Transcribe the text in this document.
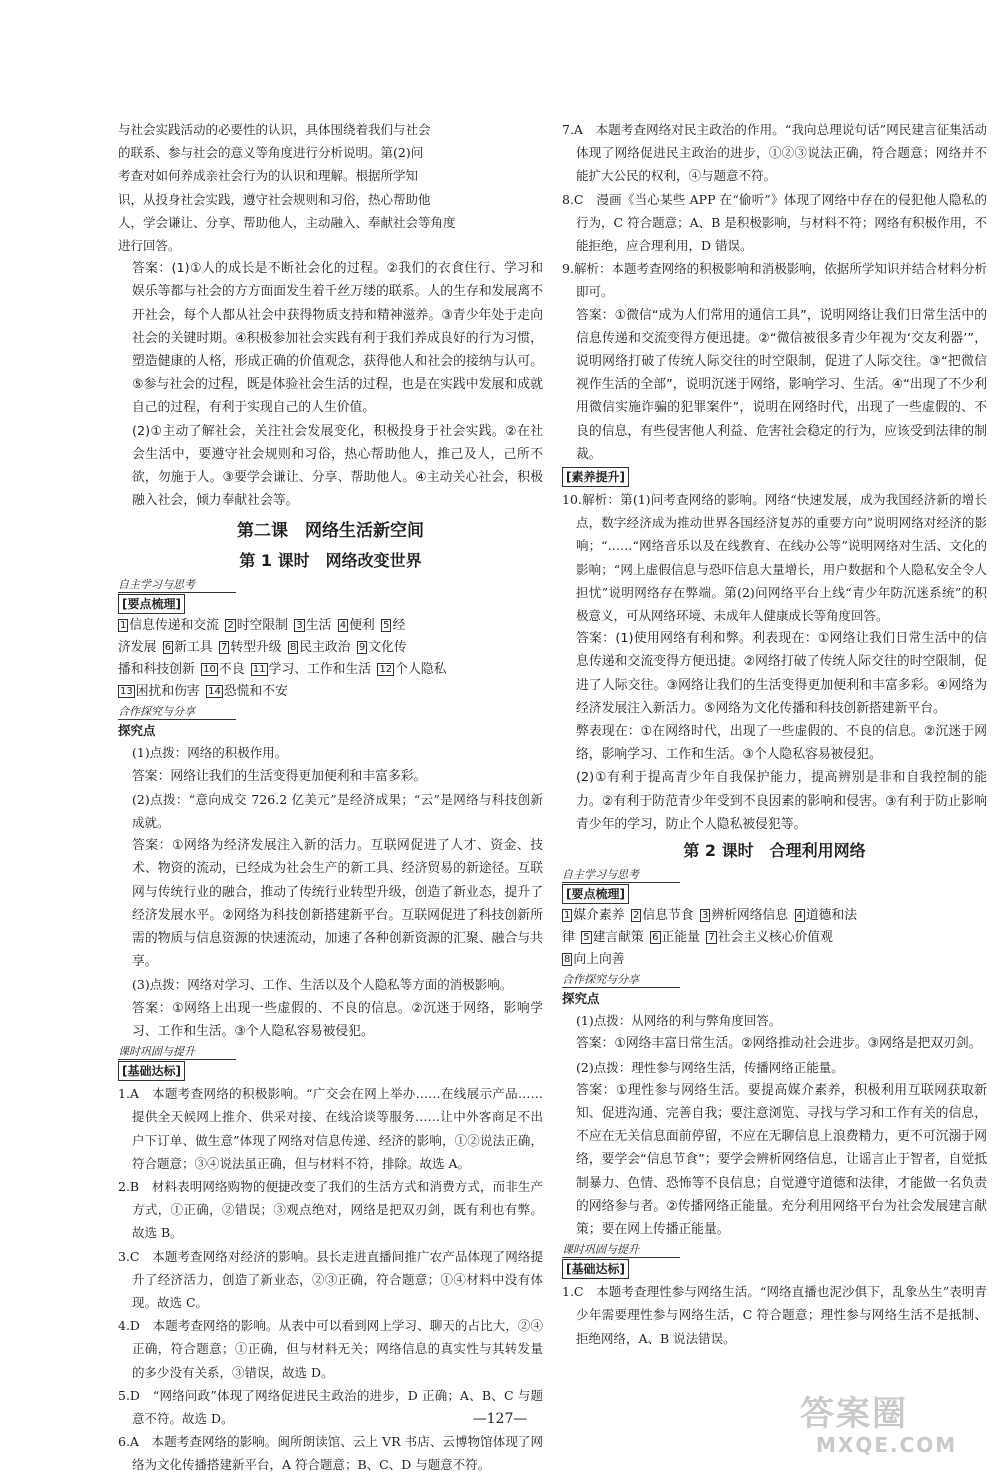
与社会实践活动的必要性的认识，具体围绕着我们与社会

的联系、参与社会的意义等角度进行分析说明。第(2)问

考查对如何养成亲社会行为的认识和理解。根据所学知

识，从投身社会实践，遵守社会规则和习俗，热心帮助他

人，学会谦让、分享、帮助他人，主动融入、奉献社会等角度

进行回答。

答案：(1)①人的成长是不断社会化的过程。②我们的衣食住行、学习和娱乐等都与社会的方方面面发生着千丝万缕的联系。人的生存和发展离不开社会，每个人都从社会中获得物质支持和精神滋养。③青少年处于走向社会的关键时期。④积极参加社会实践有利于我们养成良好的行为习惯，塑造健康的人格，形成正确的价值观念，获得他人和社会的接纳与认可。⑤参与社会的过程，既是体验社会生活的过程，也是在实践中发展和成就自己的过程，有利于实现自己的人生价值。

(2)①主动了解社会，关注社会发展变化，积极投身于社会实践。②在社会生活中，要遵守社会规则和习俗，热心帮助他人，推己及人，己所不欲，勿施于人。③要学会谦让、分享、帮助他人。④主动关心社会，积极融入社会，倾力奉献社会等。

第二课　网络生活新空间
第 1 课时　网络改变世界
自主学习与思考
[要点梳理]
1 信息传递和交流  2 时空限制  3 生活  4 便利  5 经
济发展  6 新工具  7 转型升级  8 民主政治  9 文化传
播和科技创新  10 不良  11 学习、工作和生活  12 个人隐私
13 困扰和伤害  14 恐慌和不安
合作探究与分享
探究点

(1)点拨：网络的积极作用。

答案：网络让我们的生活变得更加便利和丰富多彩。

(2)点拨：“意向成交 726.2 亿美元”是经济成果；“云”是网络与科技创新成就。

答案：①网络为经济发展注入新的活力。互联网促进了人才、资金、技术、物资的流动，已经成为社会生产的新工具、经济贸易的新途径。互联网与传统行业的融合，推动了传统行业转型升级，创造了新业态，提升了经济发展水平。②网络为科技创新搭建新平台。互联网促进了科技创新所需的物质与信息资源的快速流动，加速了各种创新资源的汇聚、融合与共享。

(3)点拨：网络对学习、工作、生活以及个人隐私等方面的消极影响。

答案：①网络上出现一些虚假的、不良的信息。②沉迷于网络，影响学习、工作和生活。③个人隐私容易被侵犯。

课时巩固与提升
[基础达标]

1.A　本题考查网络的积极影响。“广交会在网上举办……在线展示产品……提供全天候网上推介、供采对接、在线洽谈等服务……让中外客商足不出户下订单、做生意”体现了网络对信息传递、经济的影响，①②说法正确，符合题意；③④说法虽正确，但与材料不符，排除。故选 A。

2.B　材料表明网络购物的便捷改变了我们的生活方式和消费方式，而非生产方式，①正确，②错误；③观点绝对，网络是把双刃剑，既有利也有弊。故选 B。

3.C　本题考查网络对经济的影响。县长走进直播间推广农产品体现了网络提升了经济活力，创造了新业态，②③正确，符合题意；①④材料中没有体现。故选 C。

4.D　本题考查网络的影响。从表中可以看到网上学习、聊天的占比大，②④正确，符合题意；①正确，但与材料无关；网络信息的真实性与其转发量的多少没有关系，③错误，故选 D。

5.D　“网络问政”体现了网络促进民主政治的进步，D 正确；A、B、C 与题意不符。故选 D。

6.A　本题考查网络的影响。闽所朗读馆、云上 VR 书店、云博物馆体现了网络为文化传播搭建新平台，A 符合题意；B、C、D 与题意不符。

7.A　本题考查网络对民主政治的作用。“我向总理说句话”网民建言征集活动体现了网络促进民主政治的进步，①②③说法正确，符合题意；网络并不能扩大公民的权利，④与题意不符。

8.C　漫画《当心某些 APP 在“偷听”》体现了网络中存在的侵犯他人隐私的行为，C 符合题意；A、B 是积极影响，与材料不符；网络有积极作用，不能拒绝，应合理利用，D 错误。

9.解析：本题考查网络的积极影响和消极影响，依据所学知识并结合材料分析即可。

答案：①微信“成为人们常用的通信工具”，说明网络让我们日常生活中的信息传递和交流变得方便迅捷。②“微信被很多青少年视为‘交友利器’”，说明网络打破了传统人际交往的时空限制，促进了人际交往。③“把微信视作生活的全部”，说明沉迷于网络，影响学习、生活。④“出现了不少利用微信实施诈骗的犯罪案件”，说明在网络时代，出现了一些虚假的、不良的信息，有些侵害他人利益、危害社会稳定的行为，应该受到法律的制裁。

[素养提升]

10.解析：第(1)问考查网络的影响。网络“快速发展，成为我国经济新的增长点，数字经济成为推动世界各国经济复苏的重要方向”说明网络对经济的影响；“……“网络音乐以及在线教育、在线办公等”说明网络对生活、文化的影响；“网上虚假信息与恐吓信息大量增长，用户数据和个人隐私安全令人担忧”说明网络存在弊端。第(2)问网络平台上线“青少年防沉迷系统”的积极意义，可从网络环境、未成年人健康成长等角度回答。

答案：(1)使用网络有利和弊。利表现在：①网络让我们日常生活中的信息传递和交流变得方便迅捷。②网络打破了传统人际交往的时空限制，促进了人际交往。③网络让我们的生活变得更加便利和丰富多彩。④网络为经济发展注入新活力。⑤网络为文化传播和科技创新搭建新平台。

弊表现在：①在网络时代，出现了一些虚假的、不良的信息。②沉迷于网络，影响学习、工作和生活。③个人隐私容易被侵犯。

(2)①有利于提高青少年自我保护能力，提高辨别是非和自我控制的能力。②有利于防范青少年受到不良因素的影响和侵害。③有利于防止影响青少年的学习，防止个人隐私被侵犯等。

第 2 课时　合理利用网络
自主学习与思考
[要点梳理]
1 媒介素养  2 信息节食  3 辨析网络信息  4 道德和法
律  5 建言献策  6 正能量  7 社会主义核心价值观
8 向上向善
合作探究与分享
探究点

(1)点拨：从网络的利与弊角度回答。

答案：①网络丰富日常生活。②网络推动社会进步。③网络是把双刃剑。

(2)点拨：理性参与网络生活，传播网络正能量。

答案：①理性参与网络生活。要提高媒介素养，积极利用互联网获取新知、促进沟通、完善自我；要注意浏览、寻找与学习和工作有关的信息，不应在无关信息面前停留，不应在无聊信息上浪费精力，更不可沉溺于网络，要学会“信息节食”；要学会辨析网络信息，让谣言止于智者，自觉抵制暴力、色情、恐怖等不良信息；自觉遵守道德和法律，才能做一名负责的网络参与者。②传播网络正能量。充分利用网络平台为社会发展建言献策；要在网上传播正能量。

课时巩固与提升
[基础达标]

1.C　本题考查理性参与网络生活。“网络直播也泥沙俱下，乱象丛生”表明青少年需要理性参与网络生活，C 符合题意；理性参与网络生活不是抵制、拒绝网络，A、B 说法错误。

—127—	答案圈
MXQE.COM
